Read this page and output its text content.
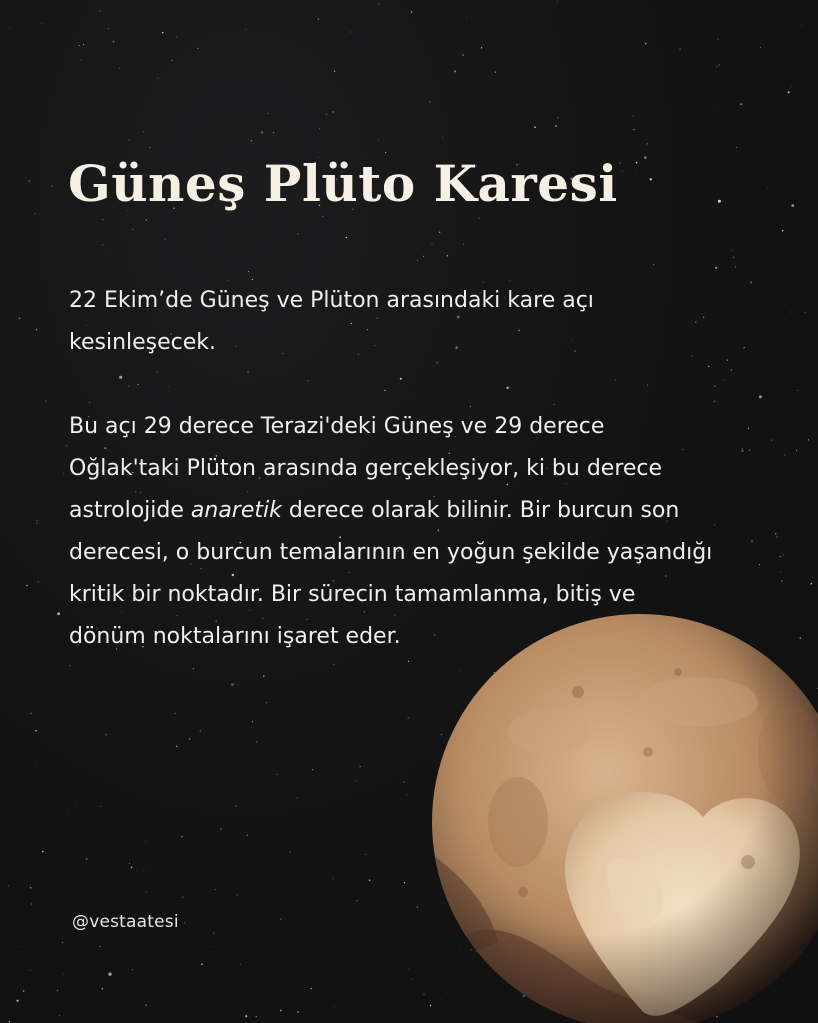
Güneş Plüto Karesi

22 Ekim’de Güneş ve Plüton arasındaki kare açı kesinleşecek.

Bu açı 29 derece Terazi'deki Güneş ve 29 derece Oğlak'taki Plüton arasında gerçekleşiyor, ki bu derece astrolojide anaretik derece olarak bilinir. Bir burcun son derecesi, o burcun temalarının en yoğun şekilde yaşandığı kritik bir noktadır. Bir sürecin tamamlanma, bitiş ve dönüm noktalarını işaret eder.

@vestaatesi
